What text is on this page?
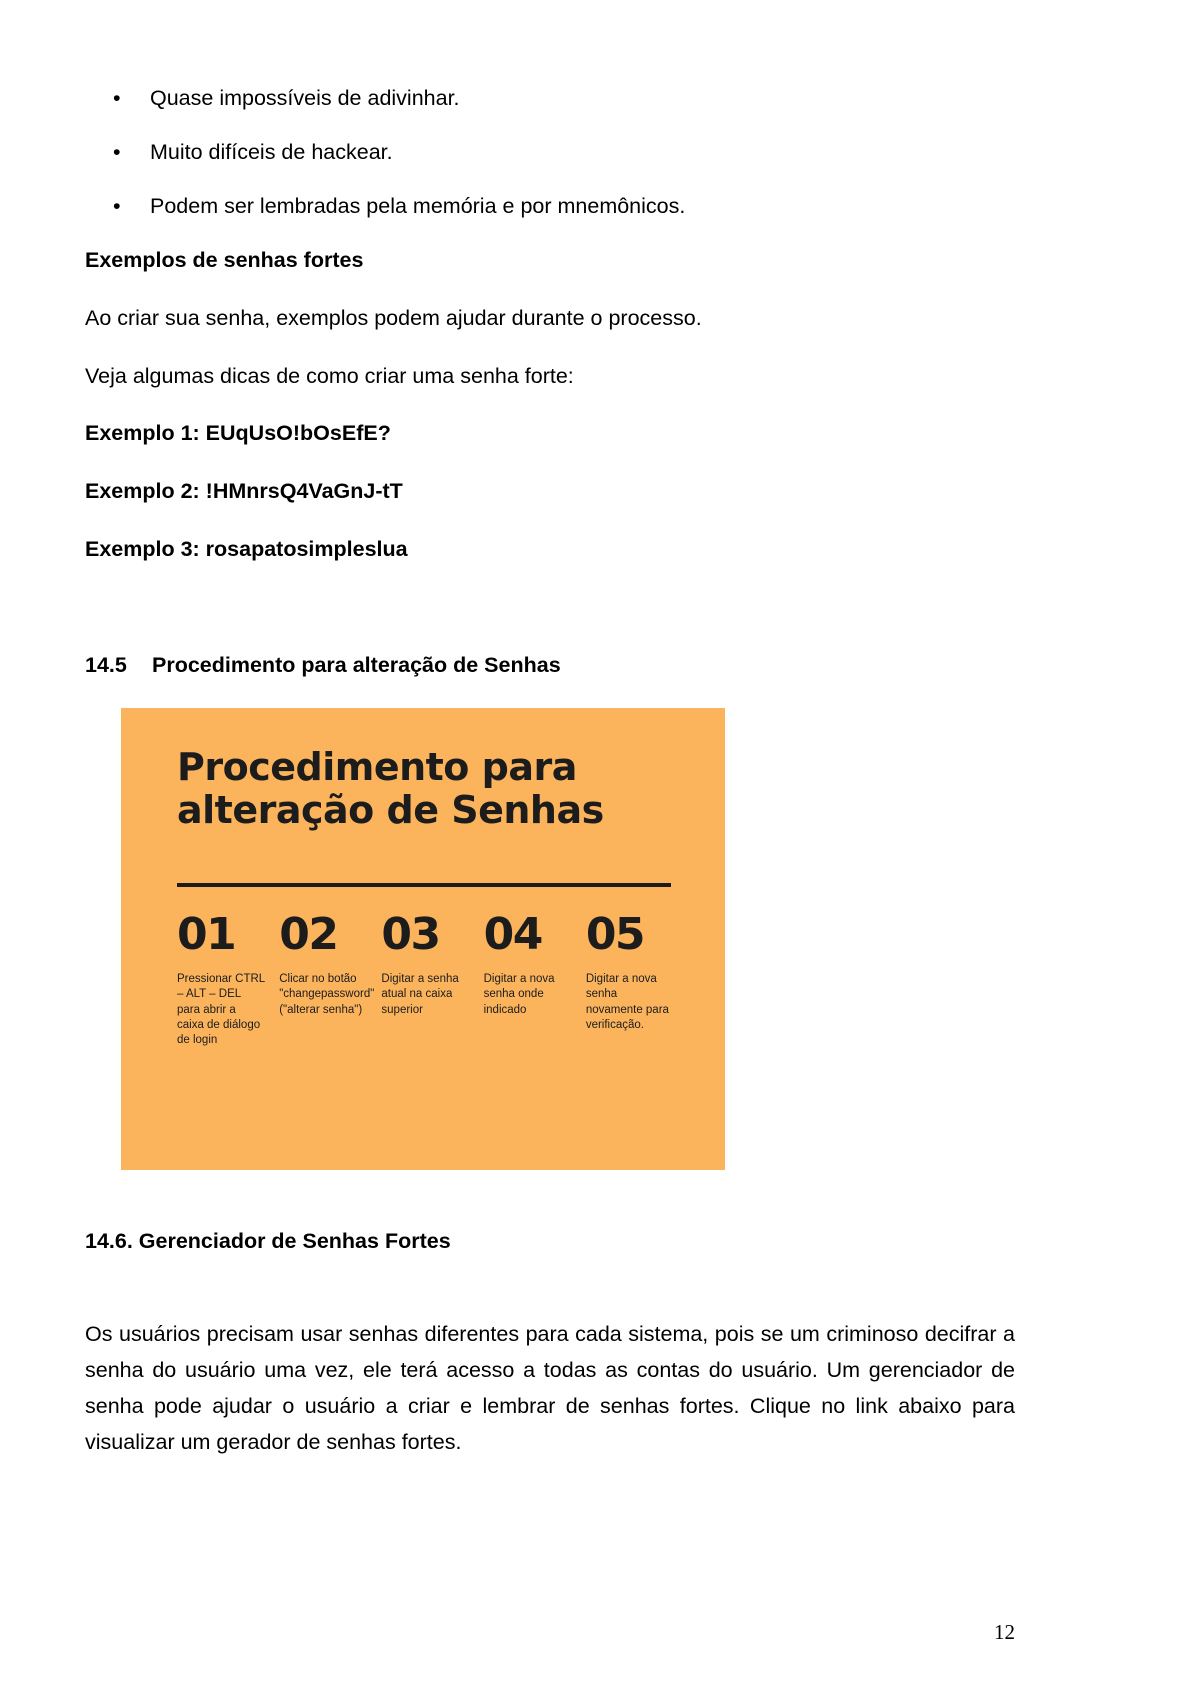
• Quase impossíveis de adivinhar.
• Muito difíceis de hackear.
• Podem ser lembradas pela memória e por mnemônicos.
Exemplos de senhas fortes

Ao criar sua senha, exemplos podem ajudar durante o processo.

Veja algumas dicas de como criar uma senha forte:

Exemplo 1: EUqUsO!bOsEfE?

Exemplo 2: !HMnrsQ4VaGnJ-tT

Exemplo 3: rosapatosimpleslua

14.5	Procedimento para alteração de Senhas
Procedimento para
alteração de Senhas
01
Pressionar CTRL – ALT – DEL para abrir a caixa de diálogo de login
02
Clicar no botão "changepassword" ("alterar senha")
03
Digitar a senha atual na caixa superior
04
Digitar a nova senha onde indicado
05
Digitar a nova senha novamente para verificação.
14.6. Gerenciador de Senhas Fortes

Os usuários precisam usar senhas diferentes para cada sistema, pois se um criminoso decifrar a senha do usuário uma vez, ele terá acesso a todas as contas do usuário. Um gerenciador de senha pode ajudar o usuário a criar e lembrar de senhas fortes. Clique no link abaixo para visualizar um gerador de senhas fortes.

12
